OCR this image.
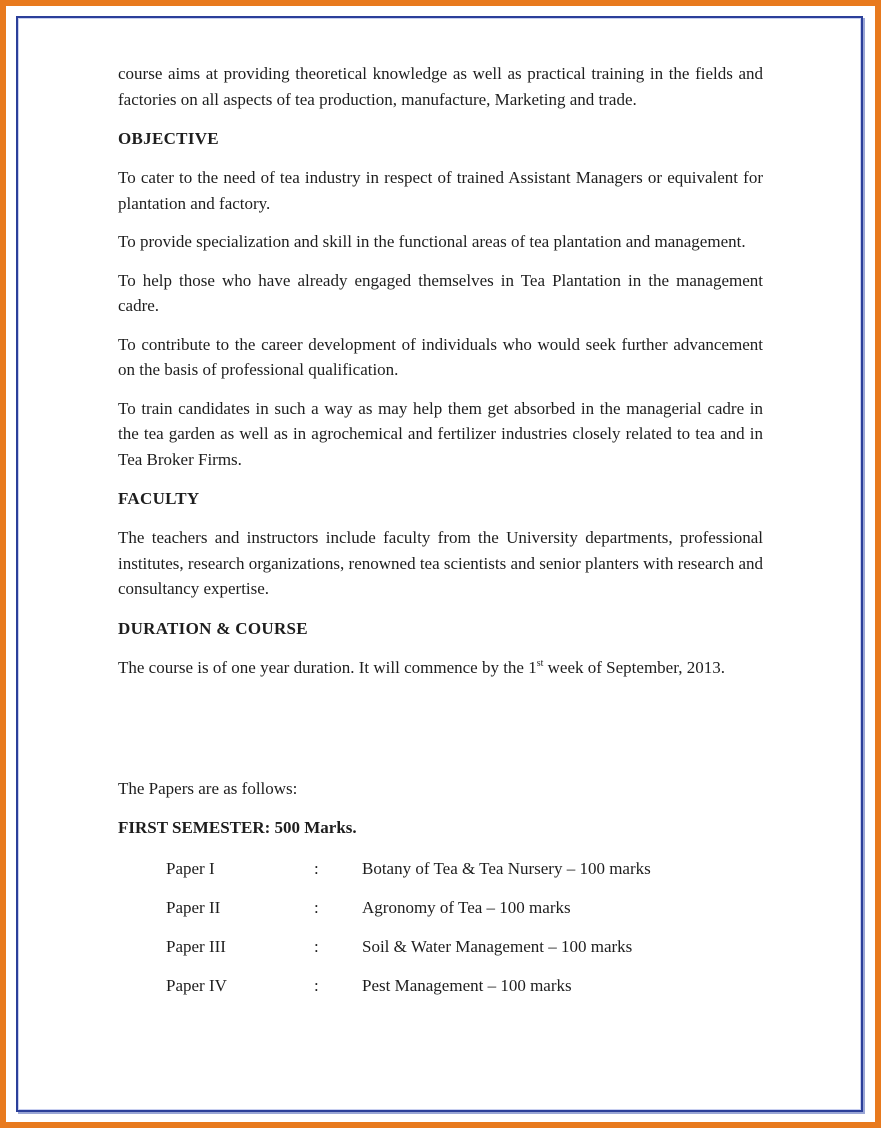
course aims at providing theoretical knowledge as well as practical training in the fields and factories on all aspects of tea production, manufacture, Marketing and trade.

OBJECTIVE

To cater to the need of tea industry in respect of trained Assistant Managers or equivalent for plantation and factory.

To provide specialization and skill in the functional areas of tea plantation and management.

To help those who have already engaged themselves in Tea Plantation in the management cadre.

To contribute to the career development of individuals who would seek further advancement on the basis of professional qualification.

To train candidates in such a way as may help them get absorbed in the managerial cadre in the tea garden as well as in agrochemical and fertilizer industries closely related to tea and in Tea Broker Firms.

FACULTY

The teachers and instructors include faculty from the University departments, professional institutes, research organizations, renowned tea scientists and senior planters with research and consultancy expertise.

DURATION & COURSE

The course is of one year duration. It will commence by the 1st week of September, 2013.

The Papers are as follows:

FIRST SEMESTER: 500 Marks.

Paper I	:	Botany of Tea & Tea Nursery – 100 marks
Paper II	:	Agronomy of Tea – 100 marks
Paper III	:	Soil & Water Management – 100 marks
Paper IV	:	Pest Management – 100 marks
